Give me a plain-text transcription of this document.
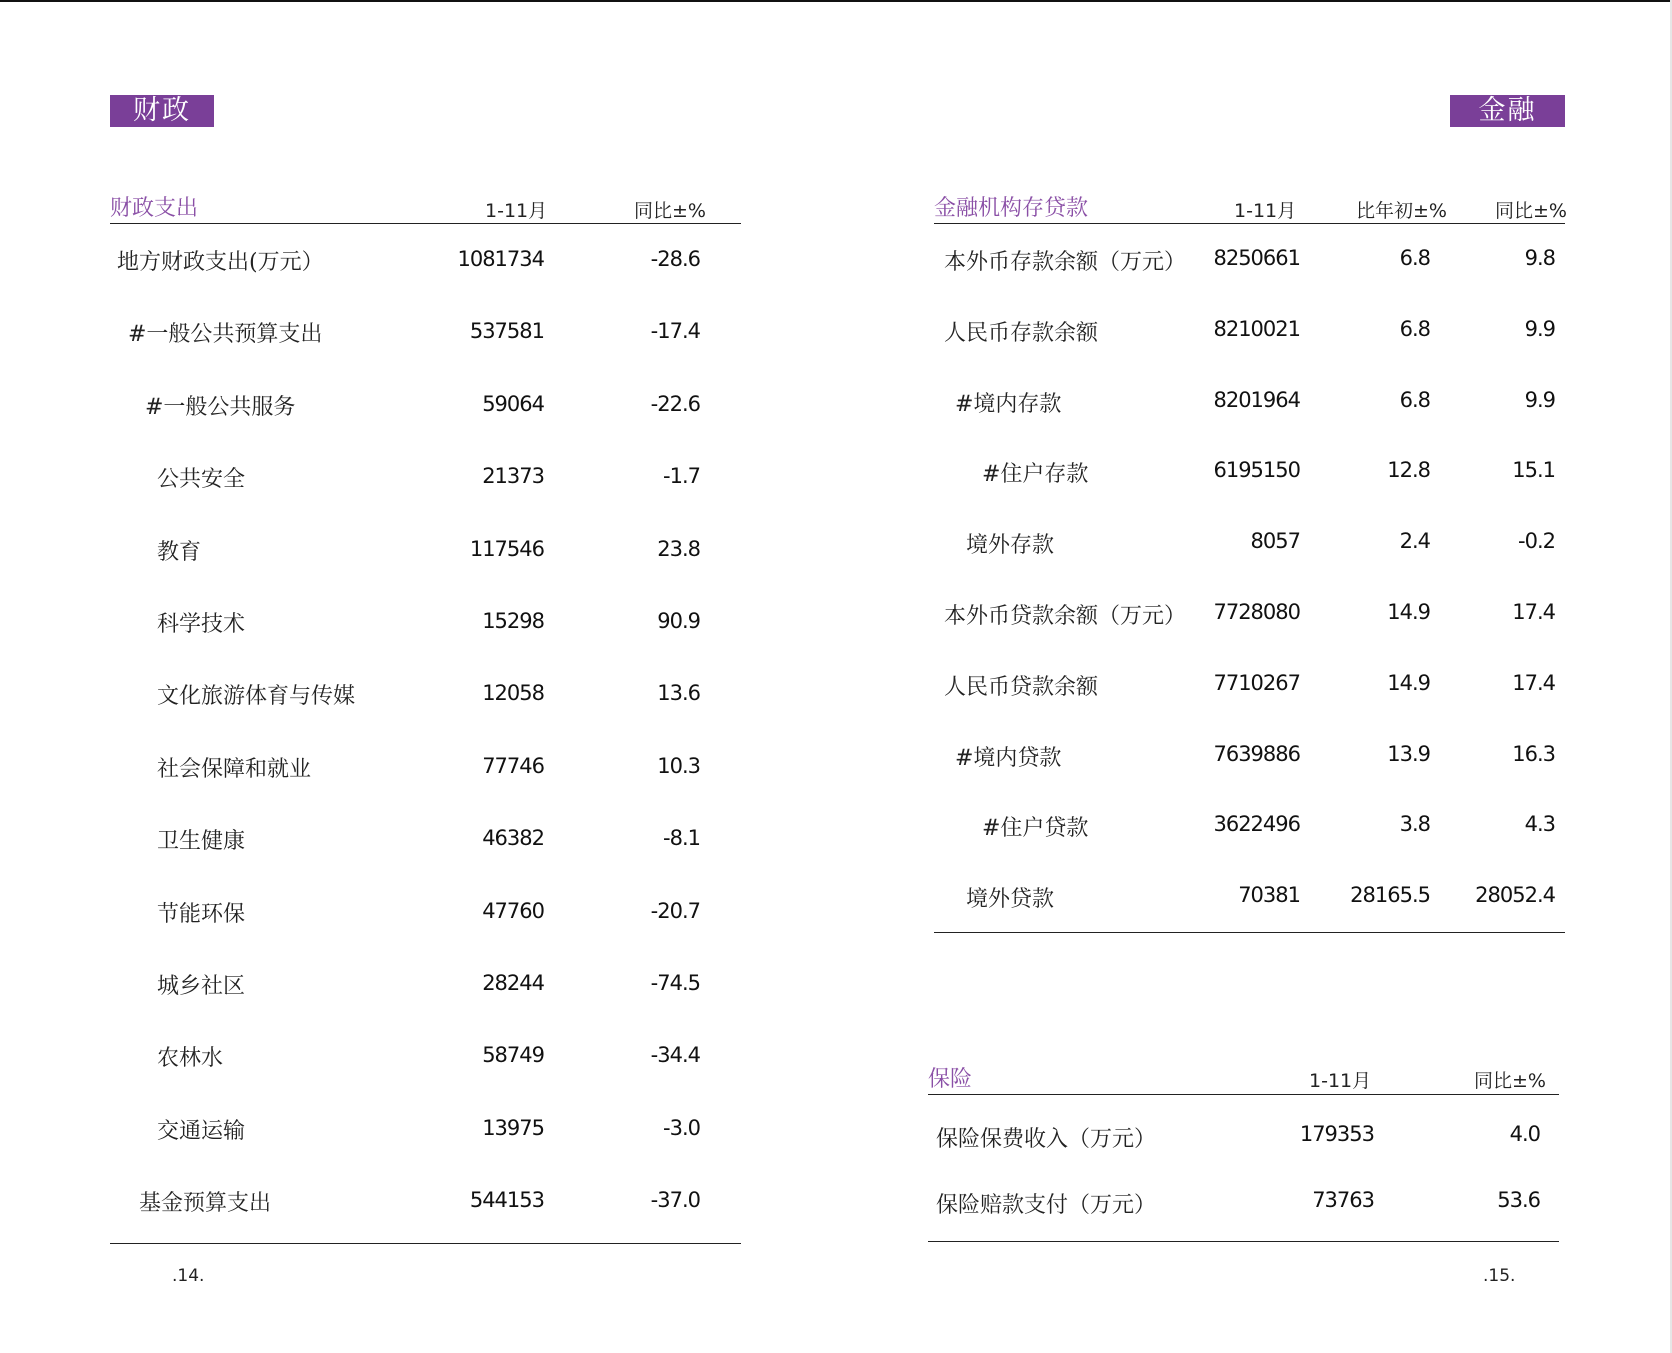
财政
财政支出	1-11月	同比±%
地方财政支出(万元）	1081734	-28.6
#一般公共预算支出	537581	-17.4
#一般公共服务	59064	-22.6
公共安全	21373	-1.7
教育	117546	23.8
科学技术	15298	90.9
文化旅游体育与传媒	12058	13.6
社会保障和就业	77746	10.3
卫生健康	46382	-8.1
节能环保	47760	-20.7
城乡社区	28244	-74.5
农林水	58749	-34.4
交通运输	13975	-3.0
基金预算支出	544153	-37.0
.14.
金融
金融机构存贷款	1-11月	比年初±%	同比±%
本外币存款余额（万元）	8250661	6.8	9.8
人民币存款余额	8210021	6.8	9.9
#境内存款	8201964	6.8	9.9
#住户存款	6195150	12.8	15.1
境外存款	8057	2.4	-0.2
本外币贷款余额（万元）	7728080	14.9	17.4
人民币贷款余额	7710267	14.9	17.4
#境内贷款	7639886	13.9	16.3
#住户贷款	3622496	3.8	4.3
境外贷款	70381	28165.5	28052.4
保险	1-11月	同比±%
保险保费收入（万元）	179353	4.0
保险赔款支付（万元）	73763	53.6
.15.
